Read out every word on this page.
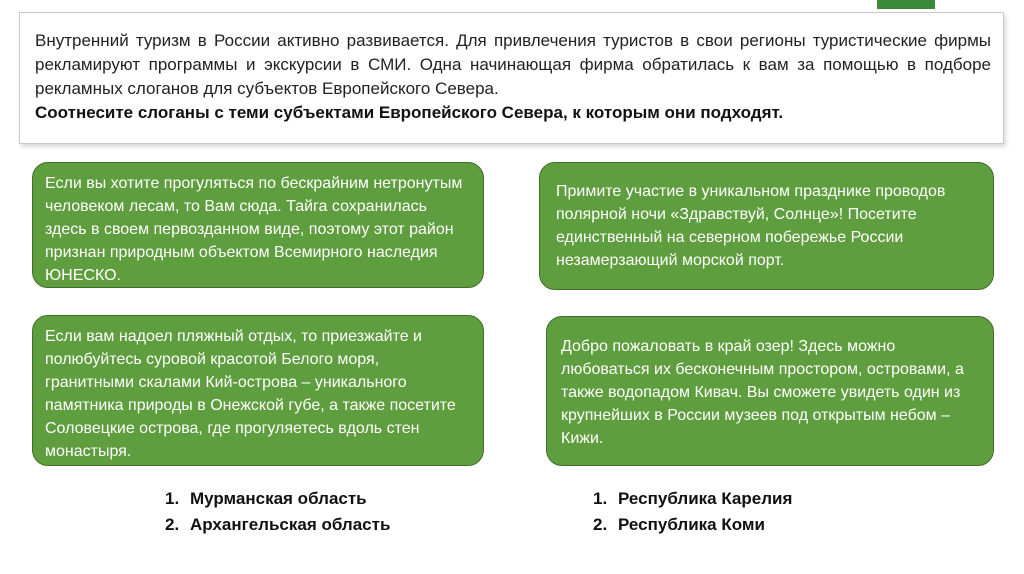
Внутренний туризм в России активно развивается. Для привлечения туристов в свои регионы туристические фирмы рекламируют программы и экскурсии в СМИ. Одна начинающая фирма обратилась к вам за помощью в подборе рекламных слоганов для субъектов Европейского Севера.

Соотнесите слоганы с теми субъектами Европейского Севера, к которым они подходят.

Если вы хотите прогуляться по бескрайним нетронутым человеком лесам, то Вам сюда. Тайга сохранилась здесь в своем первозданном виде, поэтому этот район признан природным объектом Всемирного наследия ЮНЕСКО.
Примите участие в уникальном празднике проводов полярной ночи «Здравствуй, Солнце»! Посетите единственный на северном побережье России незамерзающий морской порт.
Если вам надоел пляжный отдых, то приезжайте и полюбуйтесь суровой красотой Белого моря, гранитными скалами Кий-острова – уникального памятника природы в Онежской губе, а также посетите Соловецкие острова, где прогуляетесь вдоль стен монастыря.
Добро пожаловать в край озер! Здесь можно любоваться их бесконечным простором, островами, а также водопадом Кивач. Вы сможете увидеть один из крупнейших в России музеев под открытым небом – Кижи.
1. Мурманская область
2. Архангельская область
1. Республика Карелия
2. Республика Коми
